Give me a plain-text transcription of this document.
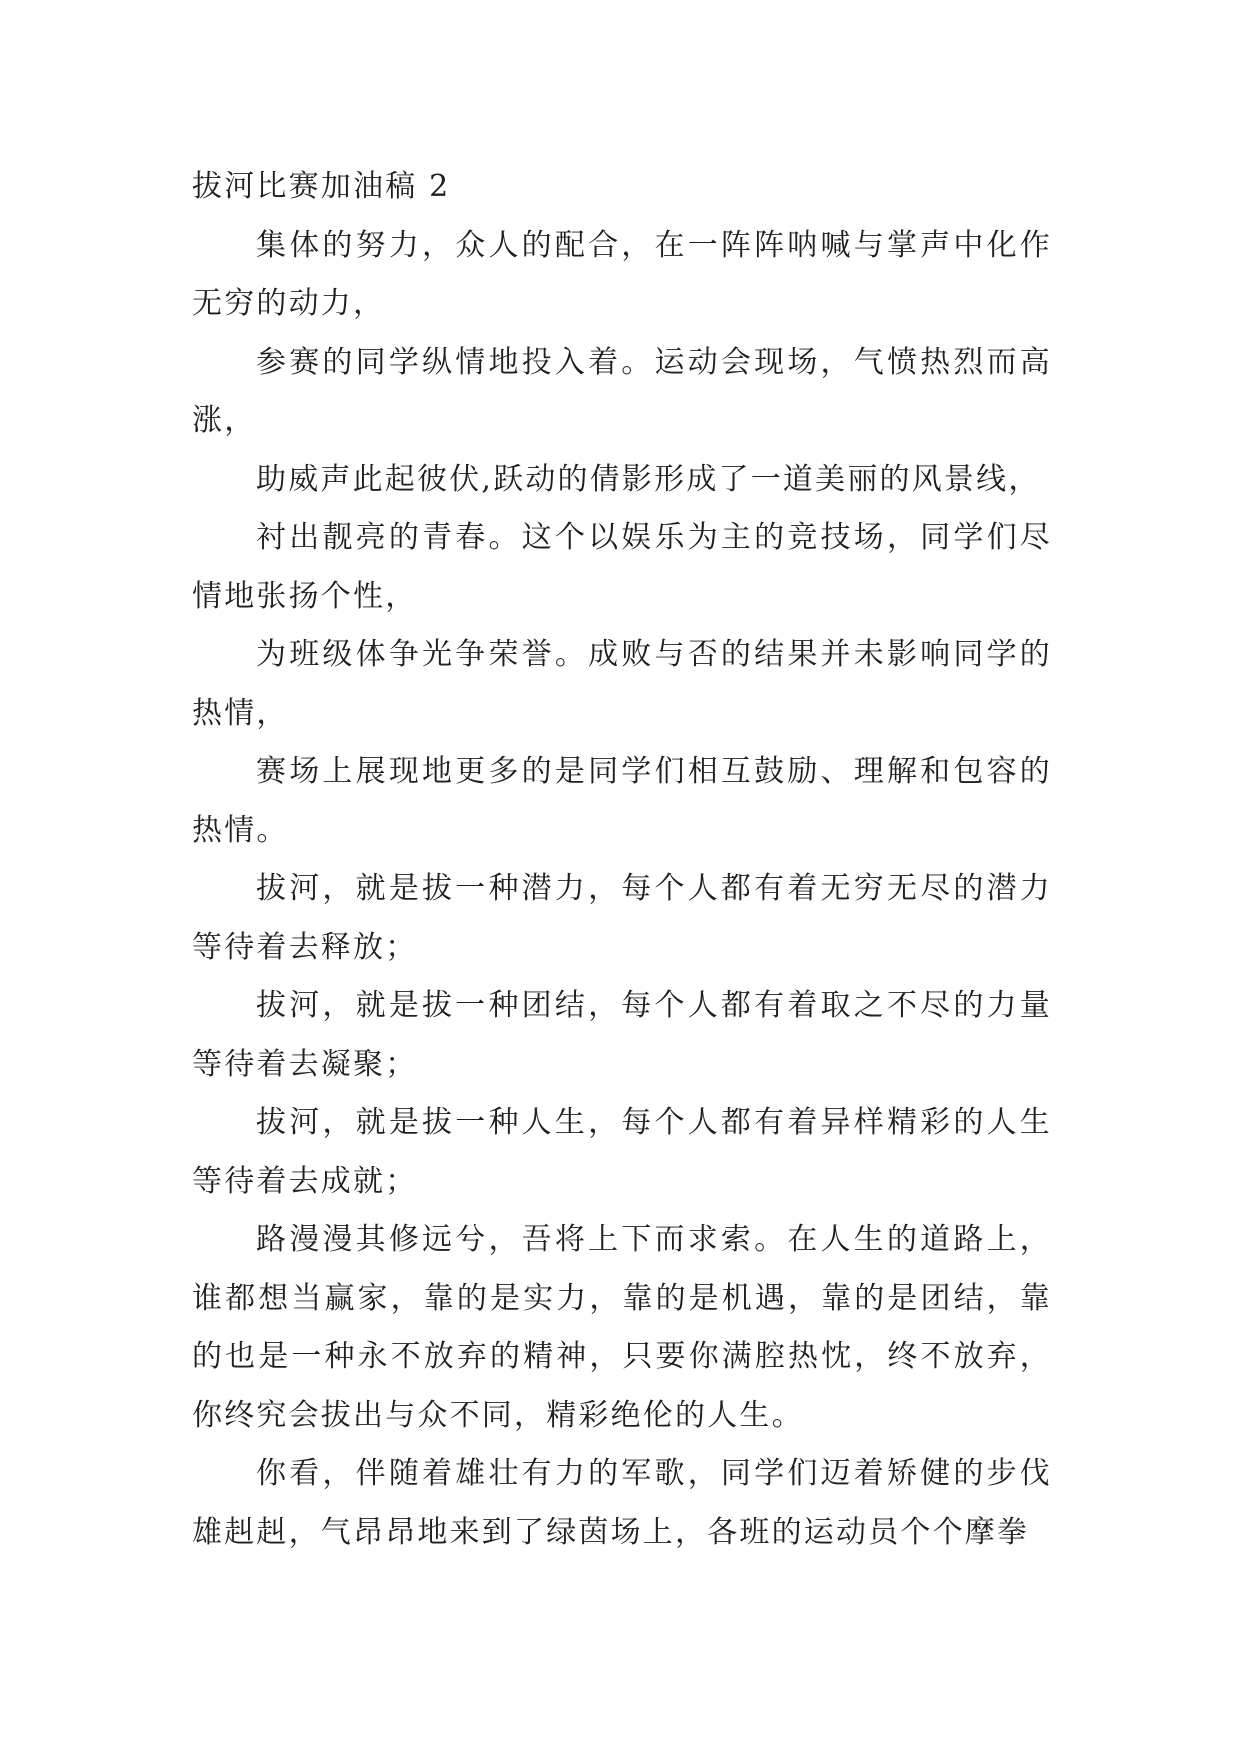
拔河比赛加油稿 2

集体的努力，众人的配合，在一阵阵呐喊与掌声中化作无穷的动力，

参赛的同学纵情地投入着。运动会现场，气愤热烈而高涨，

助威声此起彼伏,跃动的倩影形成了一道美丽的风景线，

衬出靓亮的青春。这个以娱乐为主的竞技场，同学们尽情地张扬个性，

为班级体争光争荣誉。成败与否的结果并未影响同学的热情，

赛场上展现地更多的是同学们相互鼓励、理解和包容的热情。

拔河，就是拔一种潜力，每个人都有着无穷无尽的潜力等待着去释放；

拔河，就是拔一种团结，每个人都有着取之不尽的力量等待着去凝聚；

拔河，就是拔一种人生，每个人都有着异样精彩的人生等待着去成就；

路漫漫其修远兮，吾将上下而求索。在人生的道路上，谁都想当赢家，靠的是实力，靠的是机遇，靠的是团结，靠的也是一种永不放弃的精神，只要你满腔热忱，终不放弃，你终究会拔出与众不同，精彩绝伦的人生。

你看，伴随着雄壮有力的军歌，同学们迈着矫健的步伐雄赳赳，气昂昂地来到了绿茵场上，各班的运动员个个摩拳
